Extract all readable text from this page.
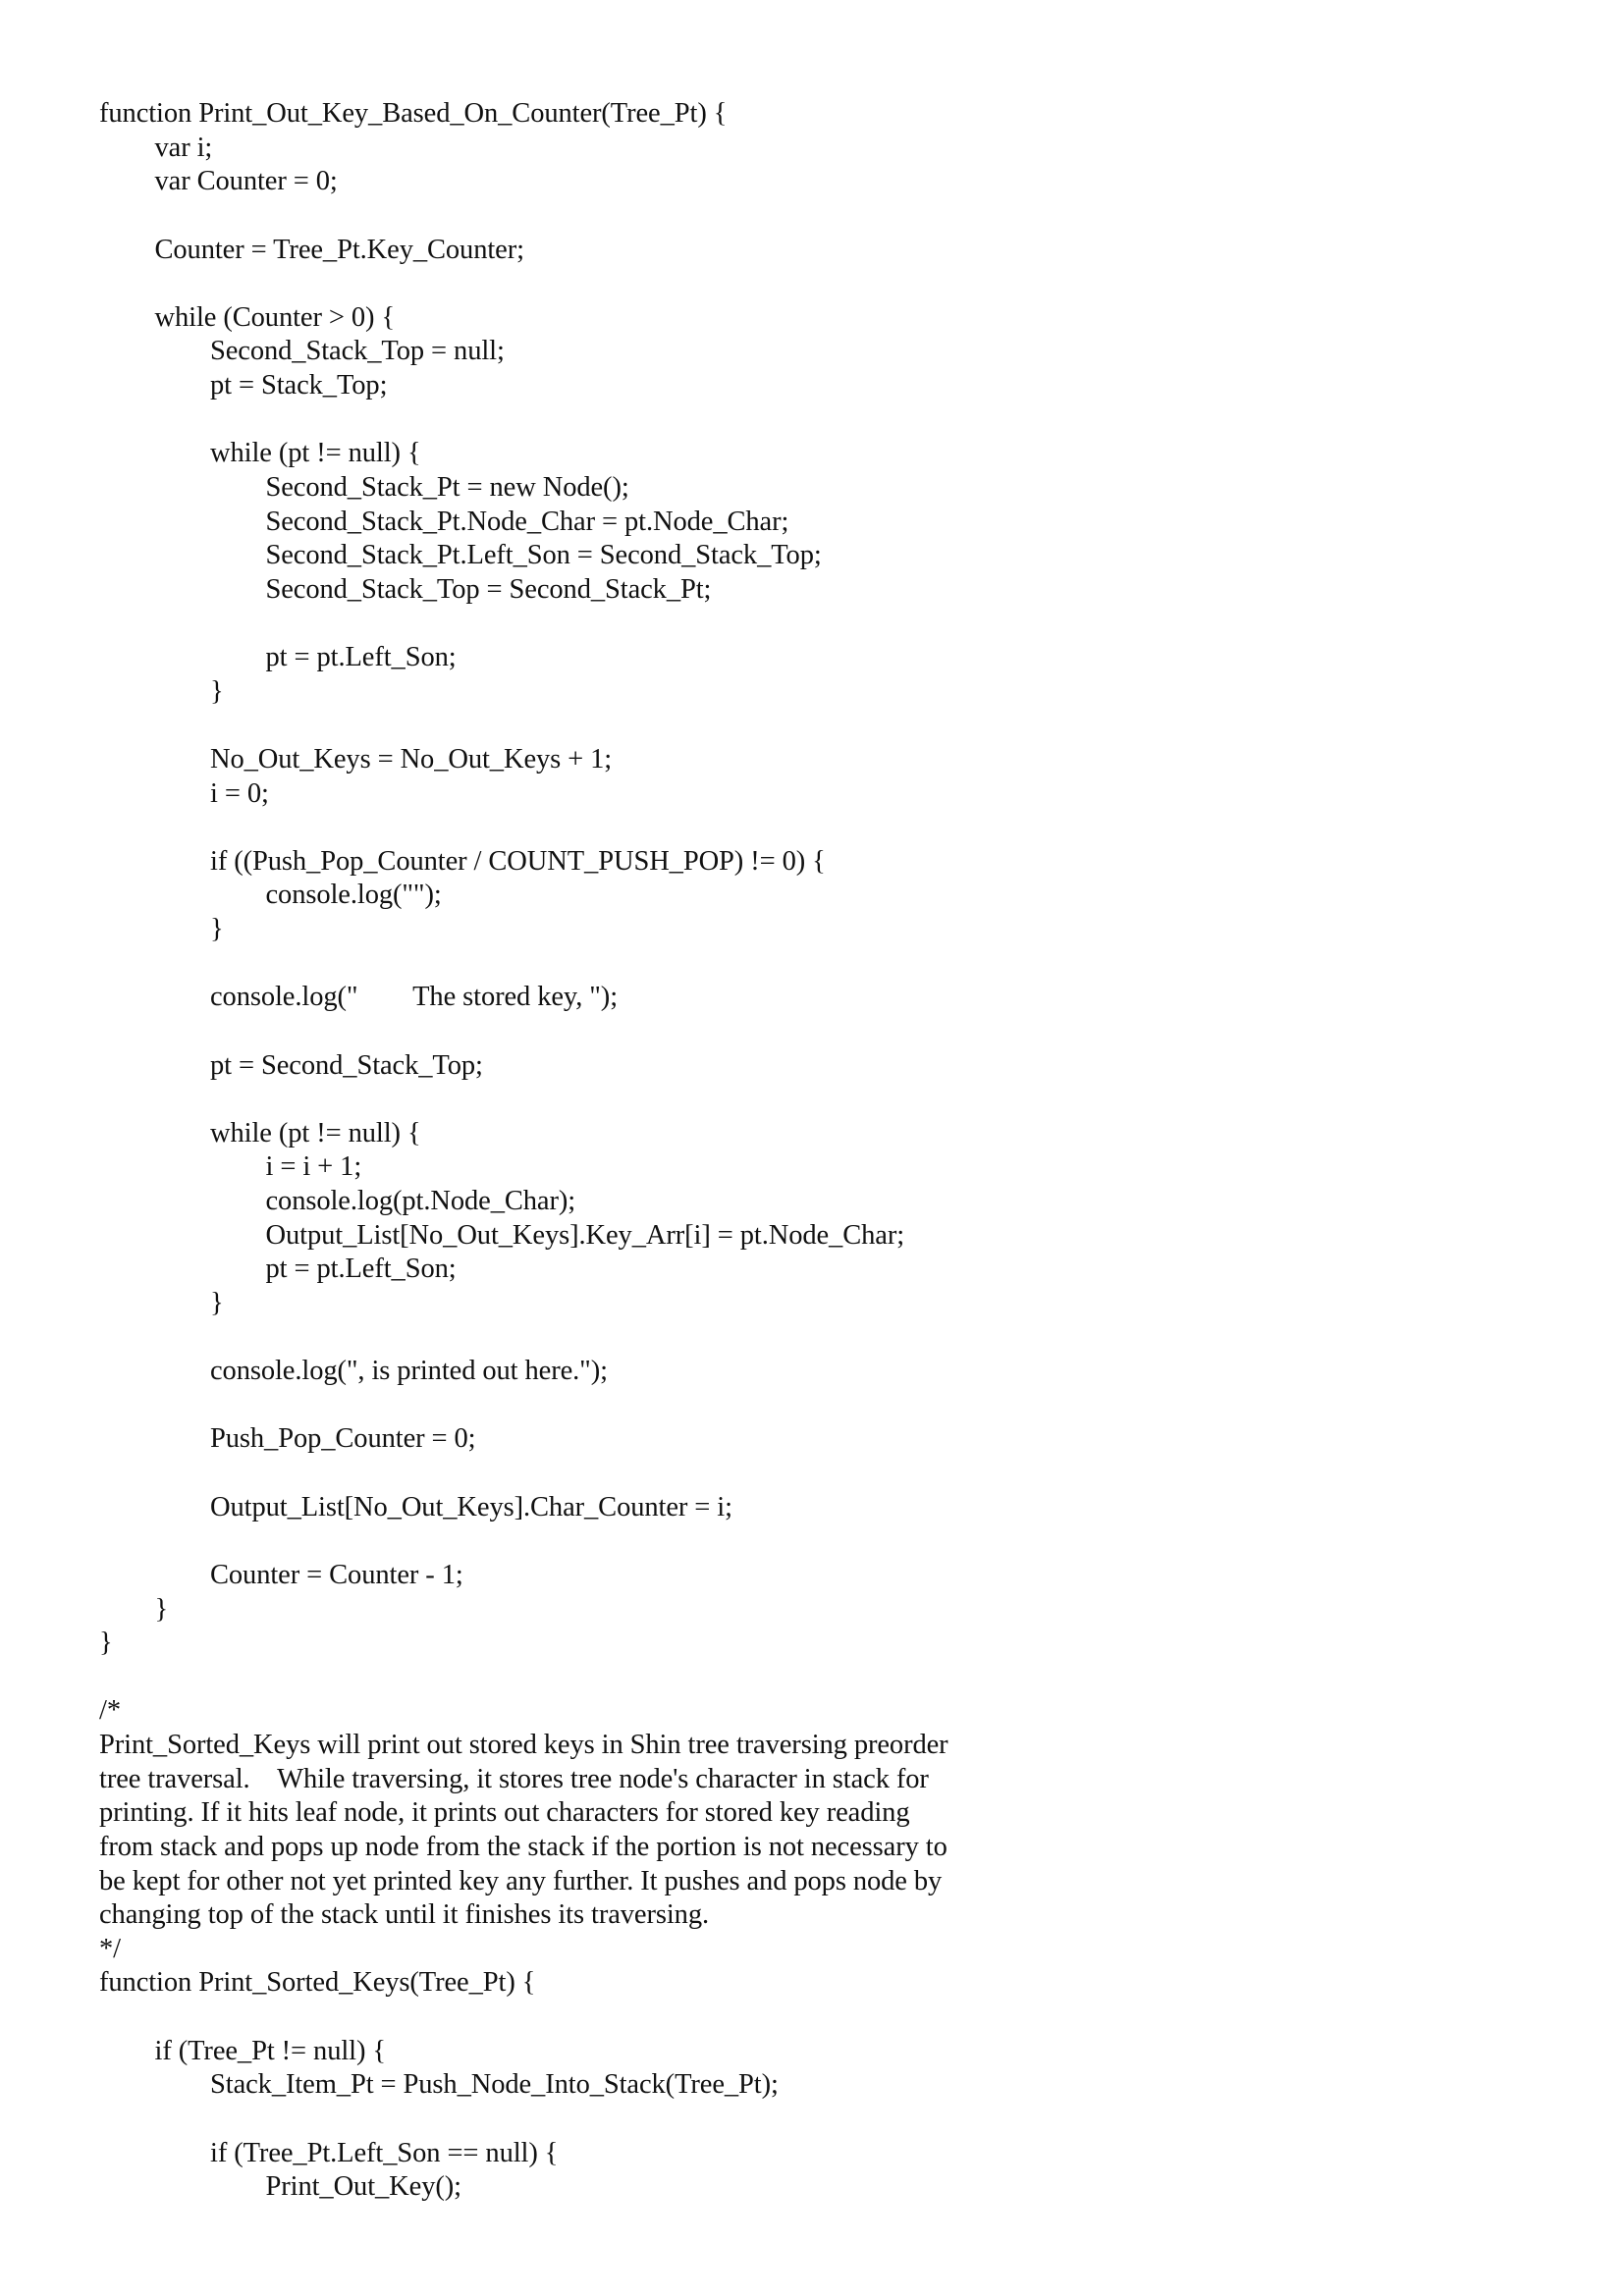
function Print_Out_Key_Based_On_Counter(Tree_Pt) {
var i;
var Counter = 0;
Counter = Tree_Pt.Key_Counter;
while (Counter > 0) {
Second_Stack_Top = null;
pt = Stack_Top;
while (pt != null) {
Second_Stack_Pt = new Node();
Second_Stack_Pt.Node_Char = pt.Node_Char;
Second_Stack_Pt.Left_Son = Second_Stack_Top;
Second_Stack_Top = Second_Stack_Pt;
pt = pt.Left_Son;
}
No_Out_Keys = No_Out_Keys + 1;
i = 0;
if ((Push_Pop_Counter / COUNT_PUSH_POP) != 0) {
console.log("");
}
console.log("        The stored key, ");
pt = Second_Stack_Top;
while (pt != null) {
i = i + 1;
console.log(pt.Node_Char);
Output_List[No_Out_Keys].Key_Arr[i] = pt.Node_Char;
pt = pt.Left_Son;
}
console.log(", is printed out here.");
Push_Pop_Counter = 0;
Output_List[No_Out_Keys].Char_Counter = i;
Counter = Counter - 1;
}
}
/*
Print_Sorted_Keys will print out stored keys in Shin tree traversing preorder
tree traversal.    While traversing, it stores tree node's character in stack for
printing. If it hits leaf node, it prints out characters for stored key reading
from stack and pops up node from the stack if the portion is not necessary to
be kept for other not yet printed key any further. It pushes and pops node by
changing top of the stack until it finishes its traversing.
*/
function Print_Sorted_Keys(Tree_Pt) {
if (Tree_Pt != null) {
Stack_Item_Pt = Push_Node_Into_Stack(Tree_Pt);
if (Tree_Pt.Left_Son == null) {
Print_Out_Key();
